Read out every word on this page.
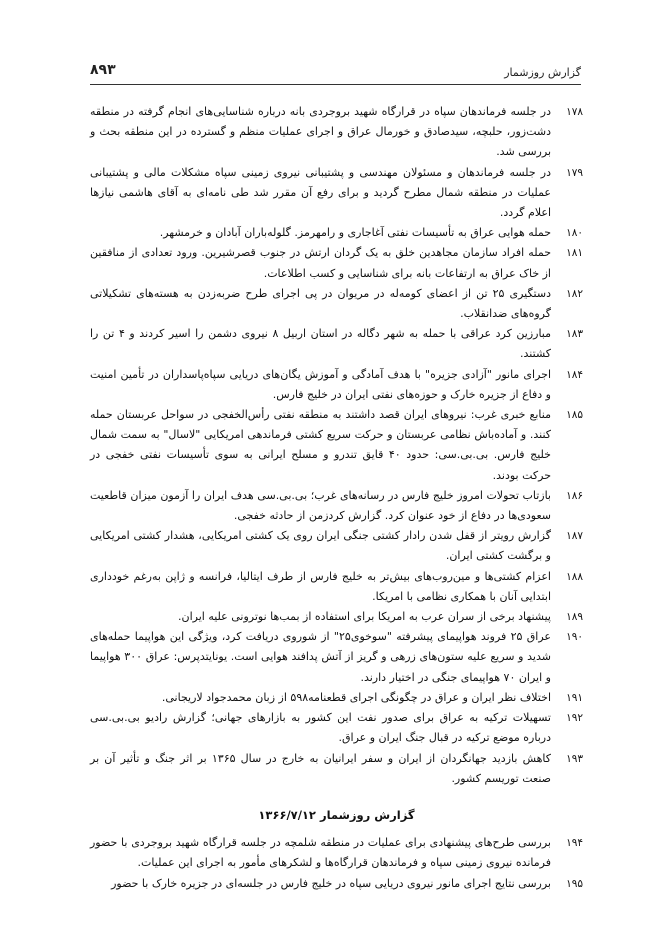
گزارش روزشمار
۸۹۳
۱۷۸
در جلسه فرماندهان سپاه در قرارگاه شهید بروجردی بانه درباره شناسایی‌های انجام گرفته در منطقه دشت‌زور، حلبچه، سیدصادق و خورمال عراق و اجرای عملیات منظم و گسترده در این منطقه بحث و بررسی شد.
۱۷۹
در جلسه فرماندهان و مسئولان مهندسی و پشتیبانی نیروی زمینی سپاه مشکلات مالی و پشتیبانی عملیات در منطقه شمال مطرح گردید و برای رفع آن مقرر شد طی نامه‌ای به آقای هاشمی نیازها اعلام گردد.
۱۸۰
حمله هوایی عراق به تأسیسات نفتی آغاجاری و رامهرمز. گلوله‌باران آبادان و خرمشهر.
۱۸۱
حمله افراد سازمان مجاهدین خلق به یک گردان ارتش در جنوب قصرشیرین. ورود تعدادی از منافقین از خاک عراق به ارتفاعات بانه برای شناسایی و کسب اطلاعات.
۱۸۲
دستگیری ۲۵ تن از اعضای کومه‌له در مریوان در پی اجرای طرح ضربه‌زدن به هسته‌های تشکیلاتی گروه‌های ضدانقلاب.
۱۸۳
مبارزین کرد عراقی با حمله به شهر دگاله در استان اربیل ۸ نیروی دشمن را اسیر کردند و ۴ تن را کشتند.
۱۸۴
اجرای مانور "آزادی جزیره" با هدف آمادگی و آموزش یگان‌های دریایی سپاه‌پاسداران در تأمین امنیت و دفاع از جزیره خارک و حوزه‌های نفتی ایران در خلیج فارس.
۱۸۵
منابع خبری غرب: نیروهای ایران قصد داشتند به منطقه نفتی رأس‌الخفجی در سواحل عربستان حمله کنند. و آماده‌باش نظامی عربستان و حرکت سریع کشتی فرماندهی امریکایی "لاسال" به سمت شمال خلیج فارس. بی.بی.سی: حدود ۴۰ قایق تندرو و مسلح ایرانی به سوی تأسیسات نفتی خفجی در حرکت بودند.
۱۸۶
بازتاب تحولات امروز خلیج فارس در رسانه‌های غرب؛ بی.بی.سی هدف ایران را آزمون میزان قاطعیت سعودی‌ها در دفاع از خود عنوان کرد. گزارش کردزمن از حادثه خفجی.
۱۸۷
گزارش رویتر از قفل شدن رادار کشتی جنگی ایران روی یک کشتی امریکایی، هشدار کشتی امریکایی و برگشت کشتی ایران.
۱۸۸
اعزام کشتی‌ها و مین‌روب‌های بیش‌تر به خلیج فارس از طرف ایتالیا، فرانسه و ژاپن به‌رغم خودداری ابتدایی آنان با همکاری نظامی با امریکا.
۱۸۹
پیشنهاد برخی از سران عرب به امریکا برای استفاده از بمب‌ها نوترونی علیه ایران.
۱۹۰
عراق ۲۵ فروند هواپیمای پیشرفته "سوخوی۲۵" از شوروی دریافت کرد، ویژگی این هواپیما حمله‌های شدید و سریع علیه ستون‌های زرهی و گریز از آتش پدافند هوایی است. یونایتدپرس: عراق ۳۰۰ هواپیما و ایران ۷۰ هواپیمای جنگی در اختیار دارند.
۱۹۱
اختلاف نظر ایران و عراق در چگونگی اجرای قطعنامه۵۹۸ از زبان محمدجواد لاریجانی.
۱۹۲
تسهیلات ترکیه به عراق برای صدور نفت این کشور به بازارهای جهانی؛ گزارش رادیو بی.بی.سی درباره موضع ترکیه در قبال جنگ ایران و عراق.
۱۹۳
کاهش بازدید جهانگردان از ایران و سفر ایرانیان به خارج در سال ۱۳۶۵ بر اثر جنگ و تأثیر آن بر صنعت توریسم کشور.
گزارش روزشمار ۱۳۶۶/۷/۱۲
۱۹۴
بررسی طرح‌های پیشنهادی برای عملیات در منطقه شلمچه در جلسه قرارگاه شهید بروجردی با حضور فرمانده نیروی زمینی سپاه و فرماندهان قرارگاه‌ها و لشکرهای مأمور به اجرای این عملیات.
۱۹۵
بررسی نتایج اجرای مانور نیروی دریایی سپاه در خلیج فارس در جلسه‌ای در جزیره خارک با حضور
